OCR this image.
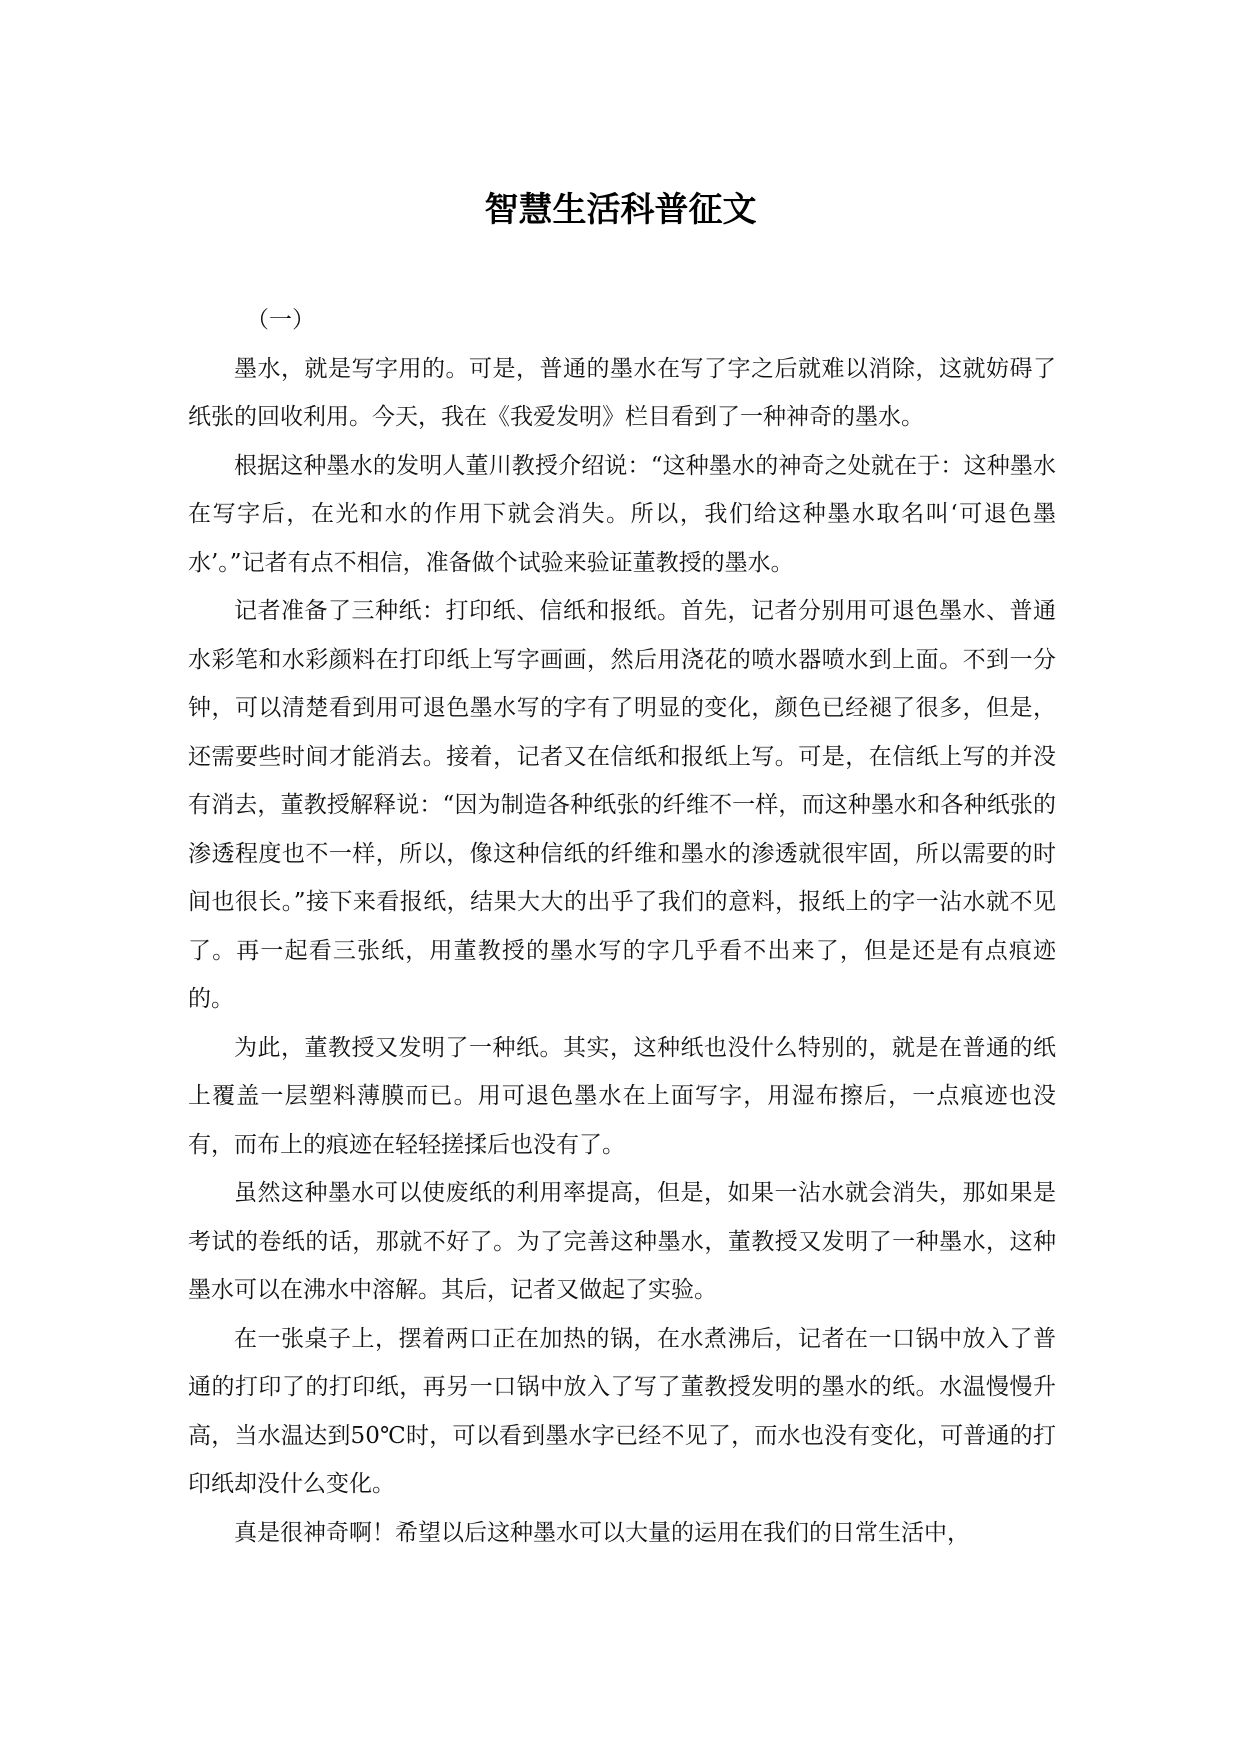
智慧生活科普征文

（一）

墨水，就是写字用的。可是，普通的墨水在写了字之后就难以消除，这就妨碍了纸张的回收利用。今天，我在《我爱发明》栏目看到了一种神奇的墨水。

根据这种墨水的发明人董川教授介绍说：“这种墨水的神奇之处就在于：这种墨水在写字后，在光和水的作用下就会消失。所以，我们给这种墨水取名叫‘可退色墨水’。”记者有点不相信，准备做个试验来验证董教授的墨水。

记者准备了三种纸：打印纸、信纸和报纸。首先，记者分别用可退色墨水、普通水彩笔和水彩颜料在打印纸上写字画画，然后用浇花的喷水器喷水到上面。不到一分钟，可以清楚看到用可退色墨水写的字有了明显的变化，颜色已经褪了很多，但是，还需要些时间才能消去。接着，记者又在信纸和报纸上写。可是，在信纸上写的并没有消去，董教授解释说：“因为制造各种纸张的纤维不一样，而这种墨水和各种纸张的渗透程度也不一样，所以，像这种信纸的纤维和墨水的渗透就很牢固，所以需要的时间也很长。”接下来看报纸，结果大大的出乎了我们的意料，报纸上的字一沾水就不见了。再一起看三张纸，用董教授的墨水写的字几乎看不出来了，但是还是有点痕迹的。

为此，董教授又发明了一种纸。其实，这种纸也没什么特别的，就是在普通的纸上覆盖一层塑料薄膜而已。用可退色墨水在上面写字，用湿布擦后，一点痕迹也没有，而布上的痕迹在轻轻搓揉后也没有了。

虽然这种墨水可以使废纸的利用率提高，但是，如果一沾水就会消失，那如果是考试的卷纸的话，那就不好了。为了完善这种墨水，董教授又发明了一种墨水，这种墨水可以在沸水中溶解。其后，记者又做起了实验。

在一张桌子上，摆着两口正在加热的锅，在水煮沸后，记者在一口锅中放入了普通的打印了的打印纸，再另一口锅中放入了写了董教授发明的墨水的纸。水温慢慢升高，当水温达到50℃时，可以看到墨水字已经不见了，而水也没有变化，可普通的打印纸却没什么变化。

真是很神奇啊！希望以后这种墨水可以大量的运用在我们的日常生活中，
